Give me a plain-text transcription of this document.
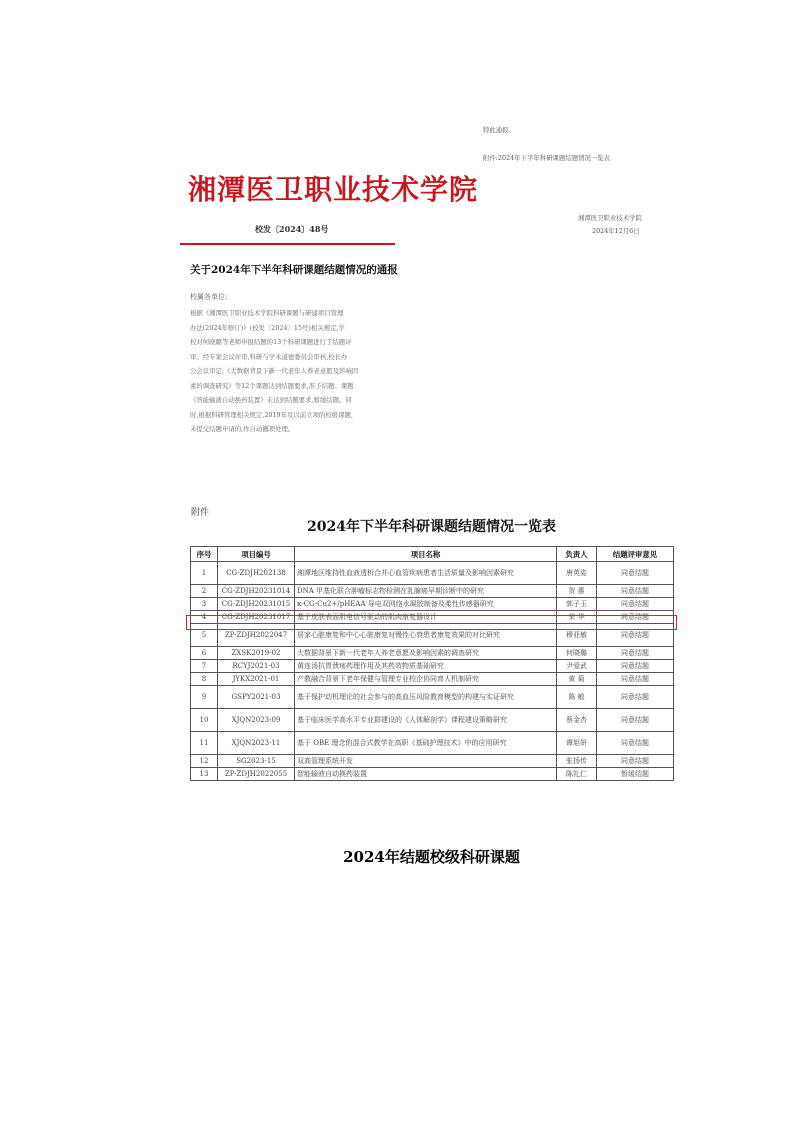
湘潭医卫职业技术学院
校发〔2024〕48号
关于2024年下半年科研课题结题情况的通报
校属各单位:
根据《湘潭医卫职业技术学院科研课题与研建项目管理
办法(2024年修订)》(校发〔2024〕15号)相关规定,学
校对何晓璐等老师申报结题的13个科研课题进行了结题评
审。经专家会议评审,科研与学术道德委员会审核,校长办
公会议审定,《大数据背景下新一代老年人养老意愿及影响因
素的调查研究》等12个课题达到结题要求,准予结题。课题
《智能输液自动换药装置》未达到结题要求,暂缓结题。同
时,根据科研管理相关规定,2019年及以前立项的校级课题,
未提交结题申请的,作自动撤项处理。
特此通报。
附件:2024年下半年科研课题结题情况一览表
湘潭医卫职业技术学院
2024年12月6日
附件
2024年下半年科研课题结题情况一览表
序号	项目编号	项目名称	负责人	结题评审意见
1	CG-ZDJH202138	湘潭地区维持性血液透析合并心血管疾病患者生活质量及影响因素研究	唐英姿	同意结题
2	CG-ZDJH20231014	DNA 甲基化联合肿瘤标志物检测在乳腺癌早期诊断中的研究	贺 惠	同意结题
3	CG-ZDJH20231015	κ-CG-Cu2+/pHEAA 导电双网络水凝胶制备及柔性传感器研究	郭子玉	同意结题
4	CG-ZDJH20231017	基于皮肤表面肌电信号驱动的肌肉康复器设计	荣 华	同意结题
5	ZP-ZDJH2022047	居家心脏康复和中心心脏康复对慢性心衰患者康复效果的对比研究	穆亚敏	同意结题
6	ZXSK2019-02	大数据背景下新一代老年人养老意愿及影响因素的调查研究	何晓璐	同意结题
7	RCYJ2021-03	黄连汤抗胃溃疡药理作用及其药效物质基础研究	尹爱武	同意结题
8	JYKX2021-01	产教融合背景下老年保健与管理专业校企协同育人机制研究	黄 菊	同意结题
9	GSPY2021-03	基于保护动机理论的社会参与的高血压风险教育模型的构建与实证研究	陈 敏	同意结题
10	XJQN2023-09	基于临床医学高水平专业群建设的《人体解剖学》课程建设策略研究	蔡金杏	同意结题
11	XJQN2023-11	基于 OBE 理念的混合式教学在高职《基础护理技术》中的应用研究	谭旭妍	同意结题
12	SG2023-15	双高管理系统开发	张扬传	同意结题
13	ZP-ZDJH2022055	智能输液自动换药装置	陈礼仁	暂缓结题
2024年结题校级科研课题
